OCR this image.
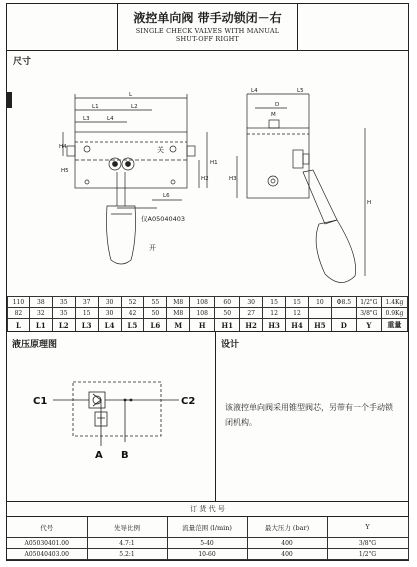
液控单向阀 带手动锁闭－右
SINGLE CHECK VALVES WITH MANUAL
SHUT-OFF RIGHT
尺寸
L
L1	L2
L3	L4
H4
H1
H2
L6
关
仅A05040403
开
L4	L5
M
D
H
H3
H5
110	38	35	37	30	52	55	M8	108	60	30	15	15	10	Φ8.5	1/2"G	1.4Kg
82	32	35	15	30	42	50	M8	108	50	27	12	12			3/8"G	0.9Kg
L	L1	L2	L3	L4	L5	L6	M	H	H1	H2	H3	H4	H5	D	Y	重量
液压原理图	设计
C1	C2
A B
该液控单向阀采用锥型阀芯，另带有一个手动锁
闭机构。
订 货 代 号
代号	先导比例	流量范围 (l/min)	最大压力 (bar)	Y
A05030401.00	4.7:1	5-40	400	3/8"G
A05040403.00	5.2:1	10-60	400	1/2"G
